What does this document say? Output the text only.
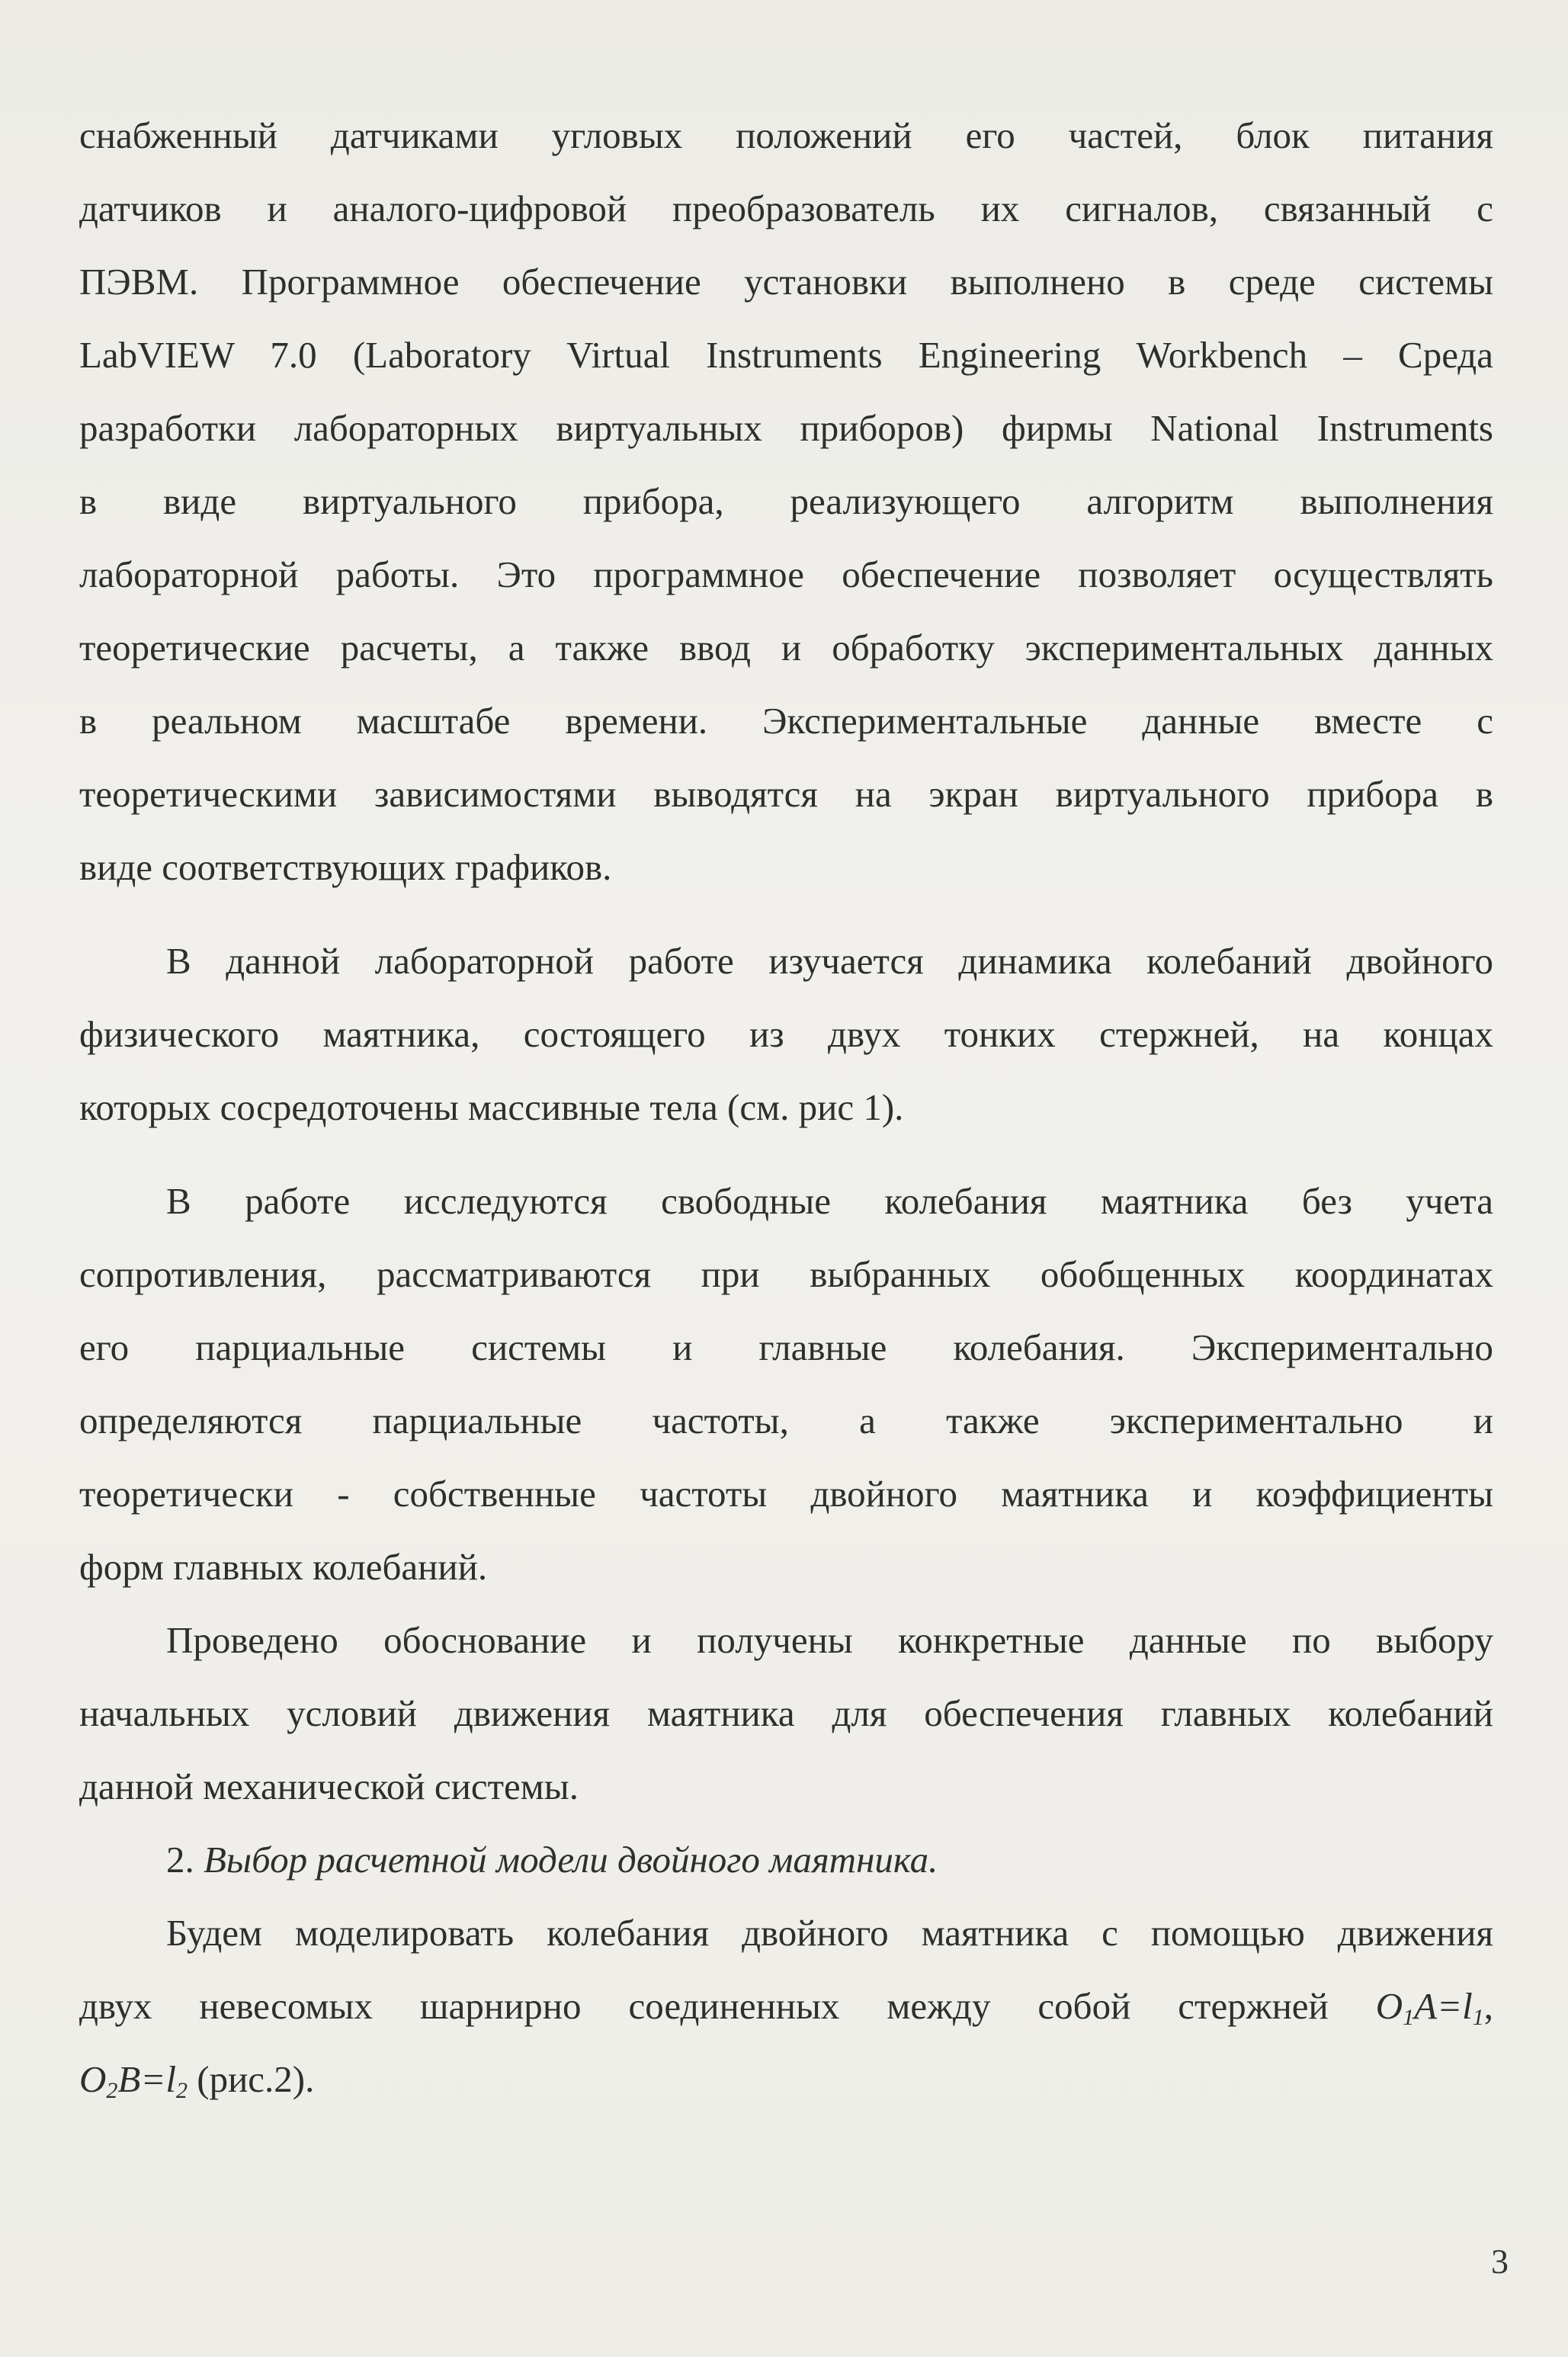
снабженный датчиками угловых положений его частей, блок питания
датчиков и аналого-цифровой преобразователь их сигналов, связанный с
ПЭВМ. Программное обеспечение установки выполнено в среде системы
LabVIEW 7.0 (Laboratory Virtual Instruments Engineering Workbench – Среда
разработки лабораторных виртуальных приборов) фирмы National Instruments
в виде виртуального прибора, реализующего алгоритм выполнения
лабораторной работы. Это программное обеспечение позволяет осуществлять
теоретические расчеты, а также ввод и обработку экспериментальных данных
в реальном масштабе времени. Экспериментальные данные вместе с
теоретическими зависимостями выводятся на экран виртуального прибора в
виде соответствующих графиков.

В данной лабораторной работе изучается динамика колебаний двойного
физического маятника, состоящего из двух тонких стержней, на концах
которых сосредоточены массивные тела (см. рис 1).

В работе исследуются свободные колебания маятника без учета
сопротивления, рассматриваются при выбранных обобщенных координатах
его парциальные системы и главные колебания. Экспериментально
определяются парциальные частоты, а также экспериментально и
теоретически - собственные частоты двойного маятника и коэффициенты
форм главных колебаний.

Проведено обоснование и получены конкретные данные по выбору
начальных условий движения маятника для обеспечения главных колебаний
данной механической системы.

2. Выбор расчетной модели двойного маятника.

Будем моделировать колебания двойного маятника с помощью движения
двух невесомых шарнирно соединенных между собой стержней $O_1A=l_1$,
$O_2B=l_2$ (рис.2).

3
